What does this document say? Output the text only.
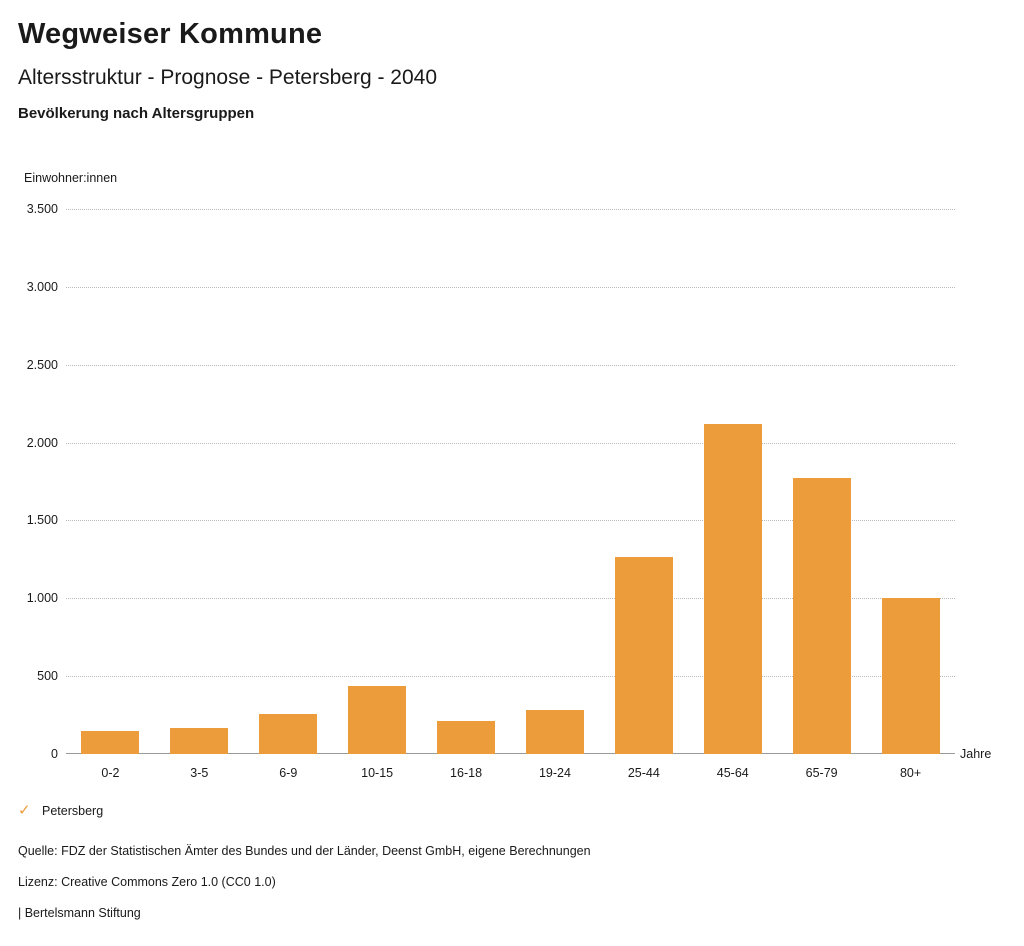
Wegweiser Kommune
Altersstruktur - Prognose - Petersberg - 2040
Bevölkerung nach Altersgruppen
Einwohner:innen
0
500
1.000
1.500
2.000
2.500
3.000
3.500
0-2	3-5	6-9	10-15	16-18	19-24	25-44	45-64	65-79	80+
Jahre
✓ Petersberg
Quelle: FDZ der Statistischen Ämter des Bundes und der Länder, Deenst GmbH, eigene Berechnungen
Lizenz: Creative Commons Zero 1.0 (CC0 1.0)
| Bertelsmann Stiftung
